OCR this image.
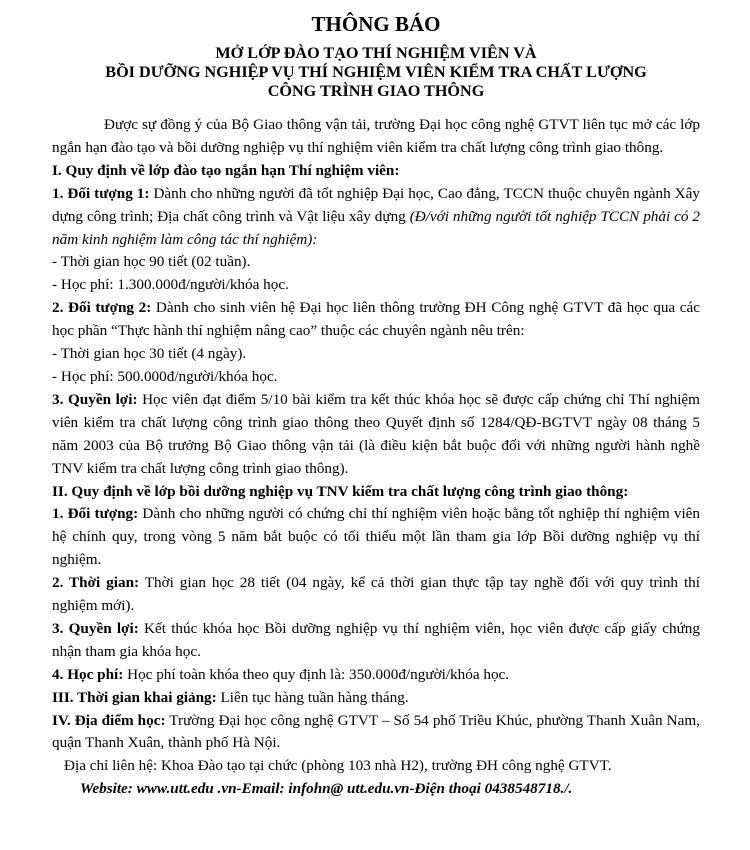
THÔNG BÁO
MỞ LỚP ĐÀO TẠO THÍ NGHIỆM VIÊN VÀ
BỒI DƯỠNG NGHIỆP VỤ THÍ NGHIỆM VIÊN KIỂM TRA CHẤT LƯỢNG
CÔNG TRÌNH GIAO THÔNG

Được sự đồng ý của Bộ Giao thông vận tải, trường Đại học công nghệ GTVT liên tục mở các lớp ngắn hạn đào tạo và bồi dưỡng nghiệp vụ thí nghiệm viên kiểm tra chất lượng công trình giao thông.

I. Quy định về lớp đào tạo ngắn hạn Thí nghiệm viên:

1. Đối tượng 1: Dành cho những người đã tốt nghiệp Đại học, Cao đẳng, TCCN thuộc chuyên ngành Xây dựng công trình; Địa chất công trình và Vật liệu xây dựng (Đ/với những người tốt nghiệp TCCN phải có 2 năm kinh nghiệm làm công tác thí nghiệm):

- Thời gian học 90 tiết (02 tuần).

- Học phí: 1.300.000đ/người/khóa học.

2. Đối tượng 2: Dành cho sinh viên hệ Đại học liên thông trường ĐH Công nghệ GTVT đã học qua các học phần “Thực hành thí nghiệm nâng cao” thuộc các chuyên ngành nêu trên:

- Thời gian học 30 tiết (4 ngày).

- Học phí: 500.000đ/người/khóa học.

3. Quyền lợi: Học viên đạt điểm 5/10 bài kiểm tra kết thúc khóa học sẽ được cấp chứng chỉ Thí nghiệm viên kiểm tra chất lượng công trình giao thông theo Quyết định số 1284/QĐ-BGTVT ngày 08 tháng 5 năm 2003 của Bộ trưởng Bộ Giao thông vận tải (là điều kiện bắt buộc đối với những người hành nghề TNV kiểm tra chất lượng công trình giao thông).

II. Quy định về lớp bồi dưỡng nghiệp vụ TNV kiểm tra chất lượng công trình giao thông:

1. Đối tượng: Dành cho những người có chứng chỉ thí nghiệm viên hoặc bằng tốt nghiệp thí nghiệm viên hệ chính quy, trong vòng 5 năm bắt buộc có tối thiểu một lần tham gia lớp Bồi dưỡng nghiệp vụ thí nghiệm.

2. Thời gian: Thời gian học 28 tiết (04 ngày, kể cả thời gian thực tập tay nghề đối với quy trình thí nghiệm mới).

3. Quyền lợi: Kết thúc khóa học Bồi dưỡng nghiệp vụ thí nghiệm viên, học viên được cấp giấy chứng nhận tham gia khóa học.

4. Học phí: Học phí toàn khóa theo quy định là: 350.000đ/người/khóa học.

III. Thời gian khai giảng: Liên tục hàng tuần hàng tháng.

IV. Địa điểm học: Trường Đại học công nghệ GTVT – Số 54 phố Triều Khúc, phường Thanh Xuân Nam, quận Thanh Xuân, thành phố Hà Nội.

Địa chỉ liên hệ: Khoa Đào tạo tại chức (phòng 103 nhà H2), trường ĐH công nghệ GTVT.

Website: www.utt.edu .vn-Email: infohn@ utt.edu.vn-Điện thoại 0438548718./.
